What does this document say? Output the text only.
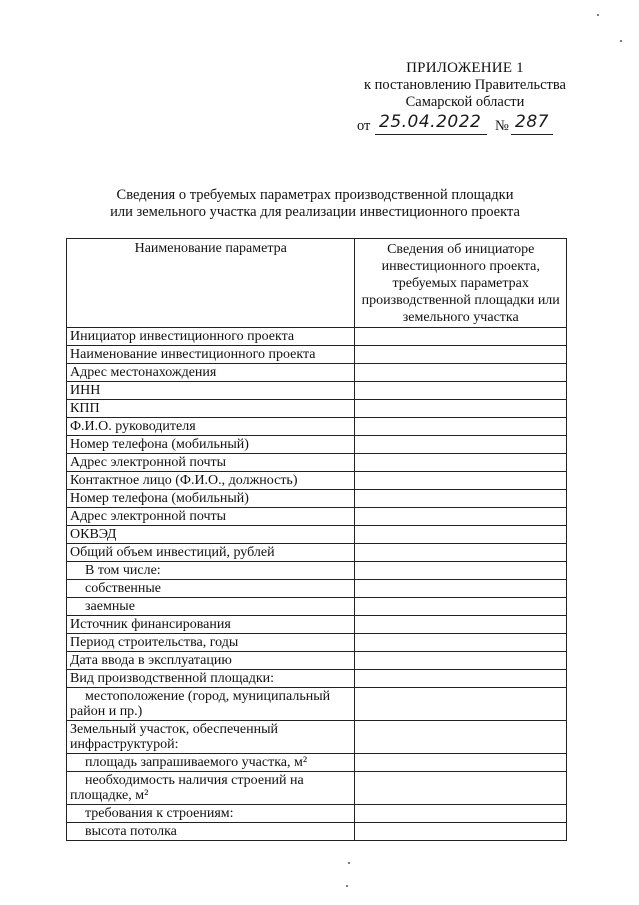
ПРИЛОЖЕНИЕ 1
к постановлению Правительства
Самарской области
от 25.04.2022 № 287
Сведения о требуемых параметрах производственной площадки
или земельного участка для реализации инвестиционного проекта
Наименование параметра	Сведения об инициаторе инвестиционного проекта, требуемых параметрах производственной площадки или земельного участка
Инициатор инвестиционного проекта	
Наименование инвестиционного проекта	
Адрес местонахождения	
ИНН	
КПП	
Ф.И.О. руководителя	
Номер телефона (мобильный)	
Адрес электронной почты	
Контактное лицо (Ф.И.О., должность)	
Номер телефона (мобильный)	
Адрес электронной почты	
ОКВЭД	
Общий объем инвестиций, рублей	
В том числе:	
собственные	
заемные	
Источник финансирования	
Период строительства, годы	
Дата ввода в эксплуатацию	
Вид производственной площадки:	
местоположение (город, муниципальный район и пр.)	
Земельный участок, обеспеченный инфраструктурой:	
площадь запрашиваемого участка, м²	
необходимость наличия строений на площадке, м²	
требования к строениям:	
высота потолка	
